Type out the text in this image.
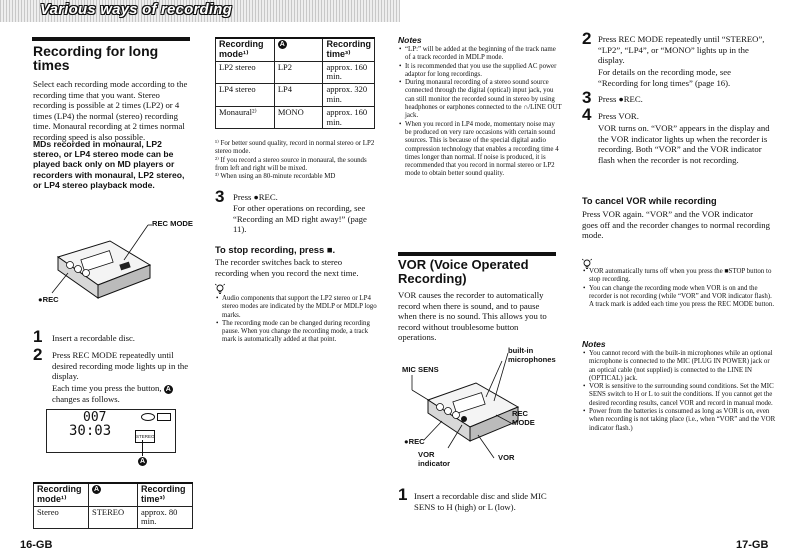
Various ways of recording
Recording for long
times
Select each recording mode according to the recording time that you want. Stereo recording is possible at 2 times (LP2) or 4 times (LP4) the normal (stereo) recording time. Monaural recording at 2 times normal recording speed is also possible.
MDs recorded in monaural, LP2 stereo, or LP4 stereo mode can be played back only on MD players or recorders with monaural, LP2 stereo, or LP4 stereo playback mode.
REC MODE
●REC
1 Insert a recordable disc.
2 Press REC MODE repeatedly until desired recording mode lights up in the display.
Each time you press the button, A changes as follows.
007
30:03	STEREO
A
Recording mode¹⁾	A	Recording time³⁾
Stereo	STEREO	approx. 80 min.
16-GB
Recording mode¹⁾	A	Recording time³⁾
LP2 stereo	LP2	approx. 160 min.
LP4 stereo	LP4	approx. 320 min.
Monaural²⁾	MONO	approx. 160 min.
¹⁾ For better sound quality, record in normal stereo or LP2 stereo mode.
²⁾ If you record a stereo source in monaural, the sounds from left and right will be mixed.
³⁾ When using an 80-minute recordable MD
3 Press ●REC.
For other operations on recording, see “Recording an MD right away!” (page 11).
To stop recording, press ■.
The recorder switches back to stereo recording when you record the next time.
• Audio components that support the LP2 stereo or LP4 stereo modes are indicated by the MDLP or MDLP logo marks.
• The recording mode can be changed during recording pause. When you change the recording mode, a track mark is automatically added at that point.
Notes
• “LP:” will be added at the beginning of the track name of a track recorded in MDLP mode.
• It is recommended that you use the supplied AC power adaptor for long recordings.
• During monaural recording of a stereo sound source connected through the digital (optical) input jack, you can still monitor the recorded sound in stereo by using headphones or earphones connected to the ∩/LINE OUT jack.
• When you record in LP4 mode, momentary noise may be produced on very rare occasions with certain sound sources. This is because of the special digital audio compression technology that enables a recording time 4 times longer than normal. If noise is produced, it is recommended that you record in normal stereo or LP2 mode to obtain better sound quality.
VOR (Voice Operated Recording)
VOR causes the recorder to automatically record when there is sound, and to pause when there is no sound. This allows you to record without troublesome button operations.
built-in microphones
MIC SENS
REC MODE
●REC
VOR indicator
VOR
1 Insert a recordable disc and slide MIC SENS to H (high) or L (low).
2 Press REC MODE repeatedly until “STEREO”, “LP2”, “LP4”, or “MONO” lights up in the display.
For details on the recording mode, see “Recording for long times” (page 16).
3 Press ●REC.
4 Press VOR.
VOR turns on. “VOR” appears in the display and the VOR indicator lights up when the recorder is recording. Both “VOR” and the VOR indicator flash when the recorder is not recording.
To cancel VOR while recording
Press VOR again. “VOR” and the VOR indicator goes off and the recorder changes to normal recording mode.
• VOR automatically turns off when you press the ■STOP button to stop recording.
• You can change the recording mode when VOR is on and the recorder is not recording (while “VOR” and VOR indicator flash). A track mark is added each time you press the REC MODE button.
Notes
• You cannot record with the built-in microphones while an optional microphone is connected to the MIC (PLUG IN POWER) jack or an optical cable (not supplied) is connected to the LINE IN (OPTICAL) jack.
• VOR is sensitive to the surrounding sound conditions. Set the MIC SENS switch to H or L to suit the conditions. If you cannot get the desired recording results, cancel VOR and record in manual mode.
• Power from the batteries is consumed as long as VOR is on, even when recording is not taking place (i.e., when “VOR” and the VOR indicator flash.)
17-GB
